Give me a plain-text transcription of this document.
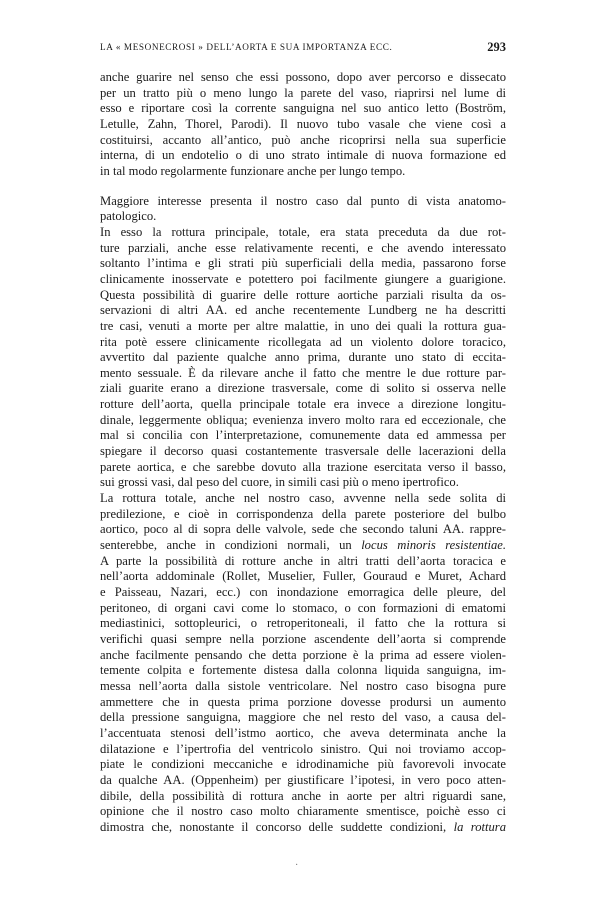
LA « MESONECROSI » DELL’AORTA E SUA IMPORTANZA ECC.	293
anche guarire nel senso che essi possono, dopo aver percorso e dissecato
per un tratto più o meno lungo la parete del vaso, riaprirsi nel lume di
esso e riportare così la corrente sanguigna nel suo antico letto (Boström,
Letulle, Zahn, Thorel, Parodi). Il nuovo tubo vasale che viene così a
costituirsi, accanto all’antico, può anche ricoprirsi nella sua superficie
interna, di un endotelio o di uno strato intimale di nuova formazione ed
in tal modo regolarmente funzionare anche per lungo tempo.
Maggiore interesse presenta il nostro caso dal punto di vista anatomo-
patologico.
In esso la rottura principale, totale, era stata preceduta da due rot-
ture parziali, anche esse relativamente recenti, e che avendo interessato
soltanto l’intima e gli strati più superficiali della media, passarono forse
clinicamente inosservate e potettero poi facilmente giungere a guarigione.
Questa possibilità di guarire delle rotture aortiche parziali risulta da os-
servazioni di altri AA. ed anche recentemente Lundberg ne ha descritti
tre casi, venuti a morte per altre malattie, in uno dei quali la rottura gua-
rita potè essere clinicamente ricollegata ad un violento dolore toracico,
avvertito dal paziente qualche anno prima, durante uno stato di eccita-
mento sessuale. È da rilevare anche il fatto che mentre le due rotture par-
ziali guarite erano a direzione trasversale, come di solito si osserva nelle
rotture dell’aorta, quella principale totale era invece a direzione longitu-
dinale, leggermente obliqua; evenienza invero molto rara ed eccezionale, che
mal si concilia con l’interpretazione, comunemente data ed ammessa per
spiegare il decorso quasi costantemente trasversale delle lacerazioni della
parete aortica, e che sarebbe dovuto alla trazione esercitata verso il basso,
sui grossi vasi, dal peso del cuore, in simili casi più o meno ipertrofico.
La rottura totale, anche nel nostro caso, avvenne nella sede solita di
predilezione, e cioè in corrispondenza della parete posteriore del bulbo
aortico, poco al di sopra delle valvole, sede che secondo taluni AA. rappre-
senterebbe, anche in condizioni normali, un locus minoris resistentiae.
A parte la possibilità di rotture anche in altri tratti dell’aorta toracica e
nell’aorta addominale (Rollet, Muselier, Fuller, Gouraud e Muret, Achard
e Paisseau, Nazari, ecc.) con inondazione emorragica delle pleure, del
peritoneo, di organi cavi come lo stomaco, o con formazioni di ematomi
mediastinici, sottopleurici, o retroperitoneali, il fatto che la rottura si
verifichi quasi sempre nella porzione ascendente dell’aorta si comprende
anche facilmente pensando che detta porzione è la prima ad essere violen-
temente colpita e fortemente distesa dalla colonna liquida sanguigna, im-
messa nell’aorta dalla sistole ventricolare. Nel nostro caso bisogna pure
ammettere che in questa prima porzione dovesse prodursi un aumento
della pressione sanguigna, maggiore che nel resto del vaso, a causa del-
l’accentuata stenosi dell’istmo aortico, che aveva determinata anche la
dilatazione e l’ipertrofia del ventricolo sinistro. Qui noi troviamo accop-
piate le condizioni meccaniche e idrodinamiche più favorevoli invocate
da qualche AA. (Oppenheim) per giustificare l’ipotesi, in vero poco atten-
dibile, della possibilità di rottura anche in aorte per altri riguardi sane,
opinione che il nostro caso molto chiaramente smentisce, poichè esso ci
dimostra che, nonostante il concorso delle suddette condizioni, la rottura
·
